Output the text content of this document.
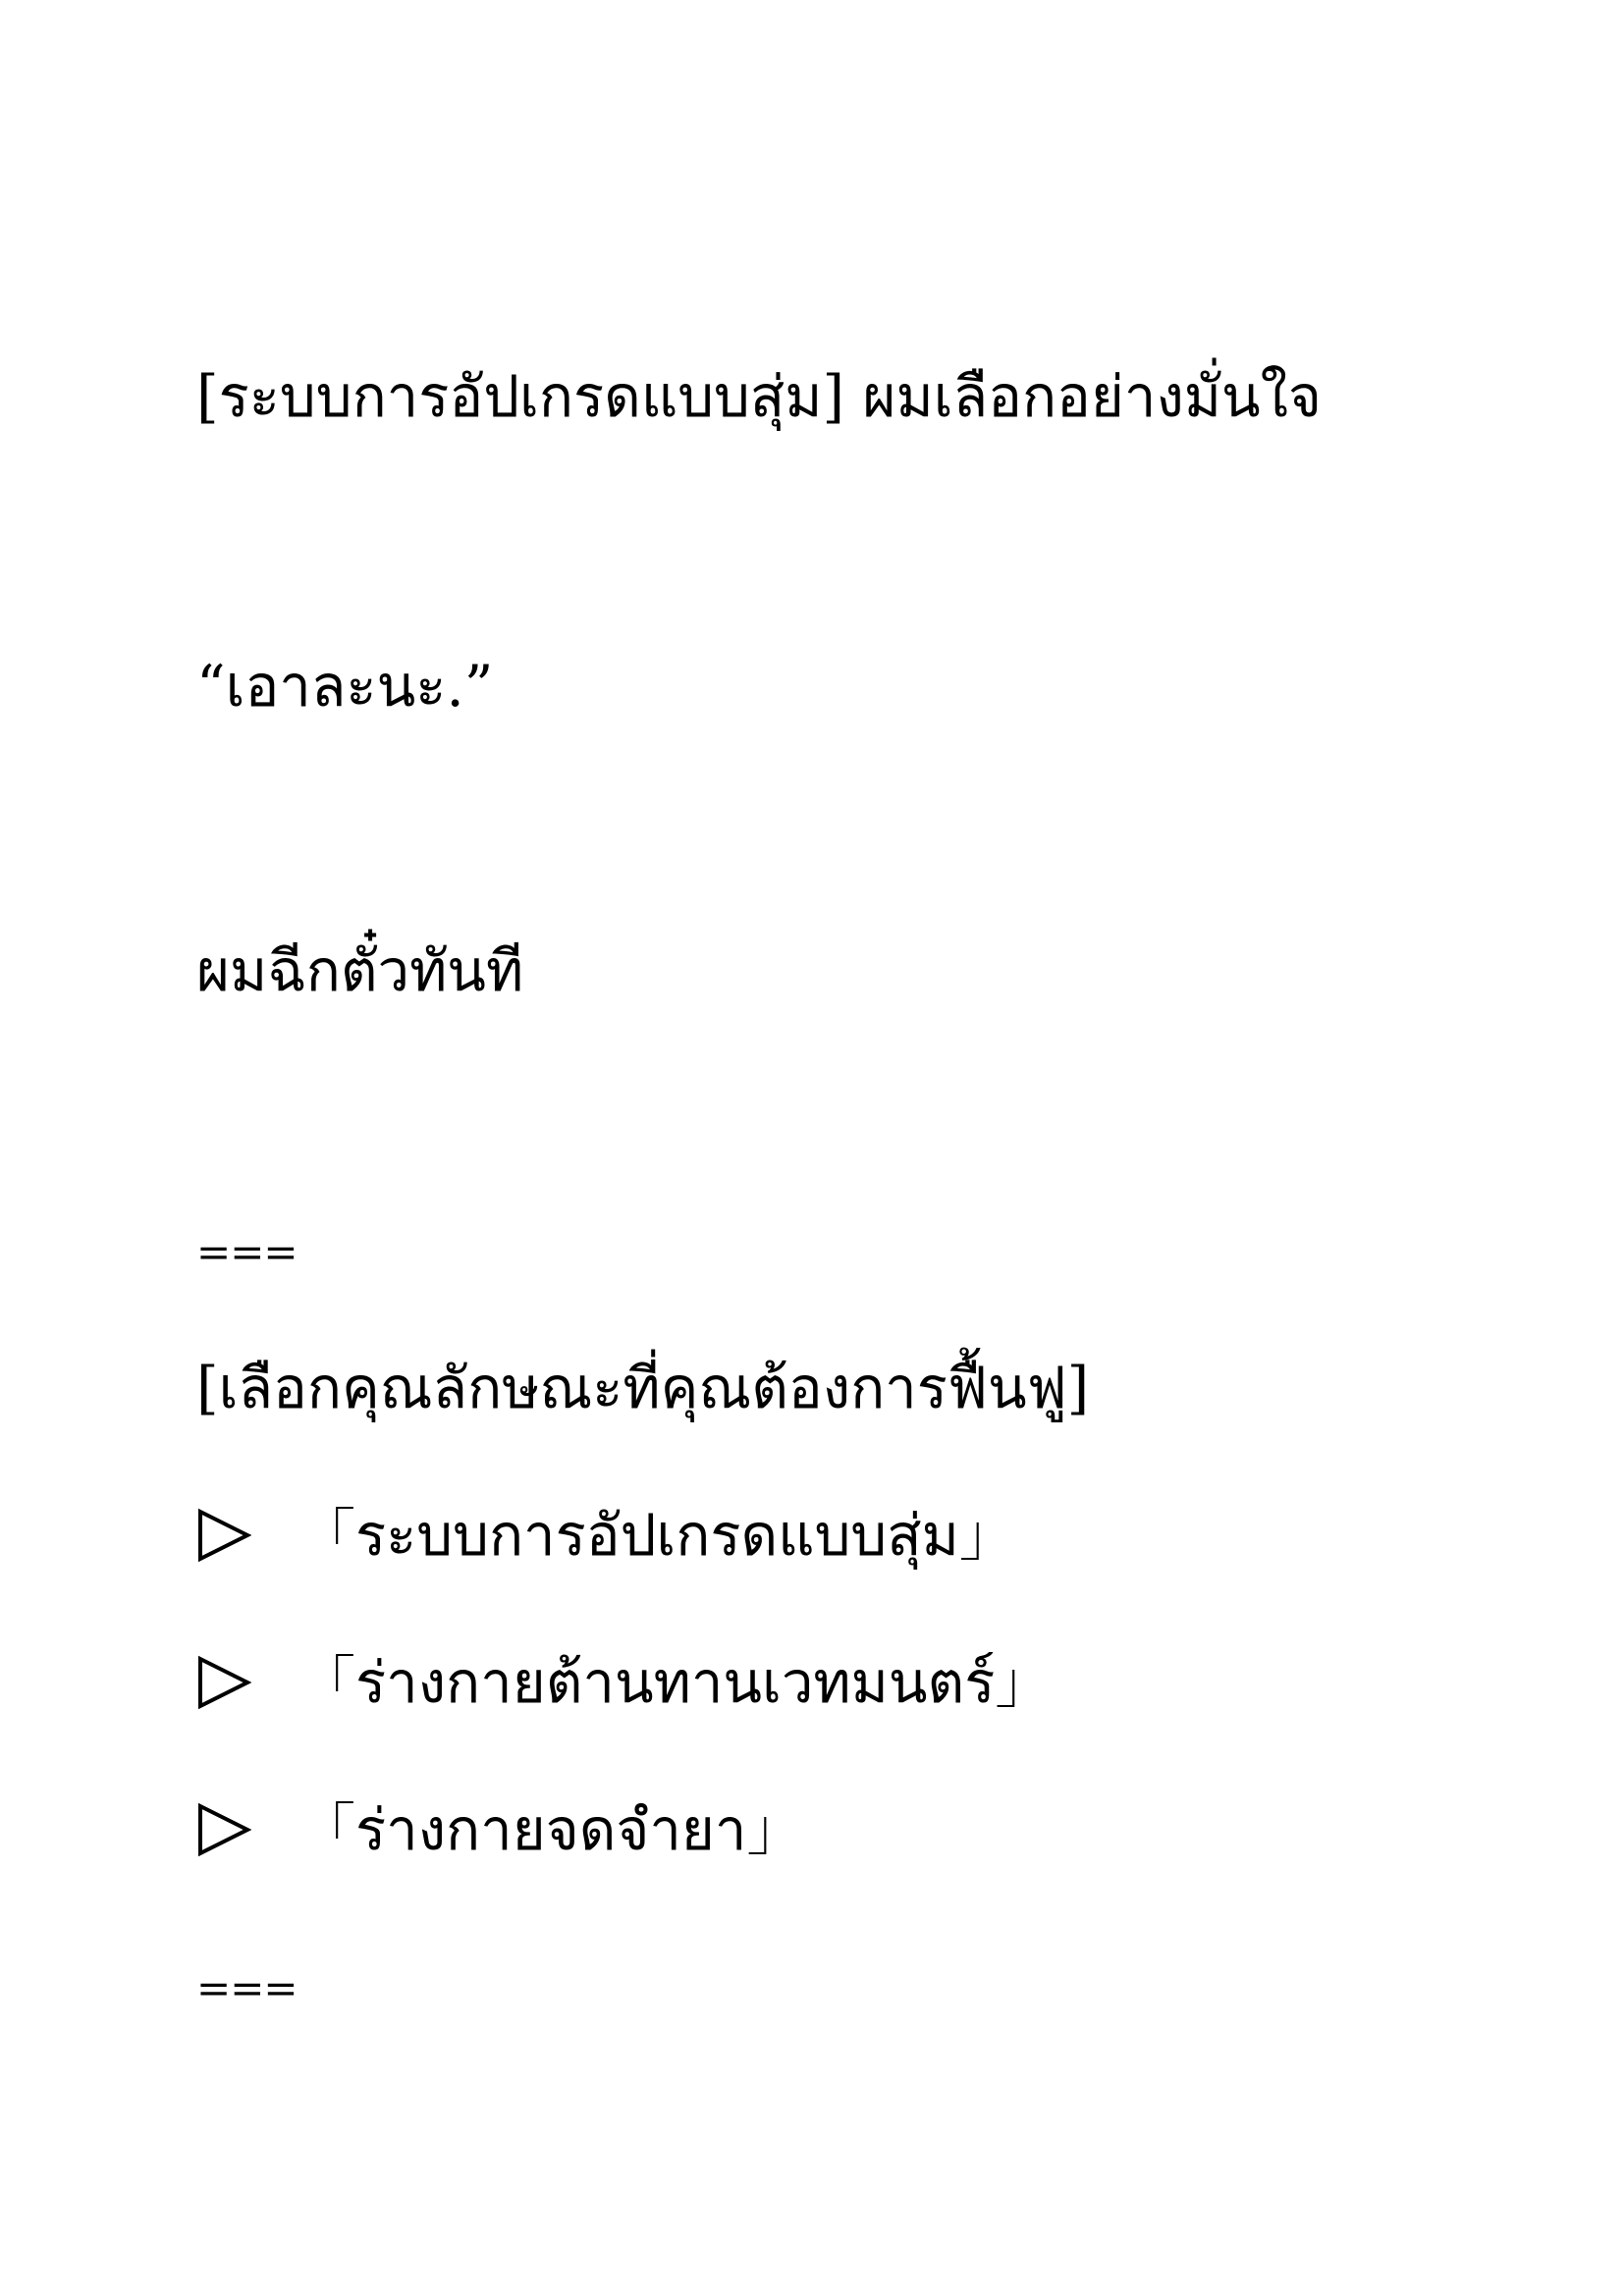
[ระบบการอัปเกรดแบบสุ่ม] ผมเลือกอย่างมั่นใจ
“เอาละนะ.”
ผมฉีกตั๋วทันที
===
[เลือกคุณลักษณะที่คุณต้องการฟื้นฟู]
「ระบบการอัปเกรดแบบสุ่ม」
「ร่างกายต้านทานเวทมนตร์」
「ร่างกายจดจำยา」
===
